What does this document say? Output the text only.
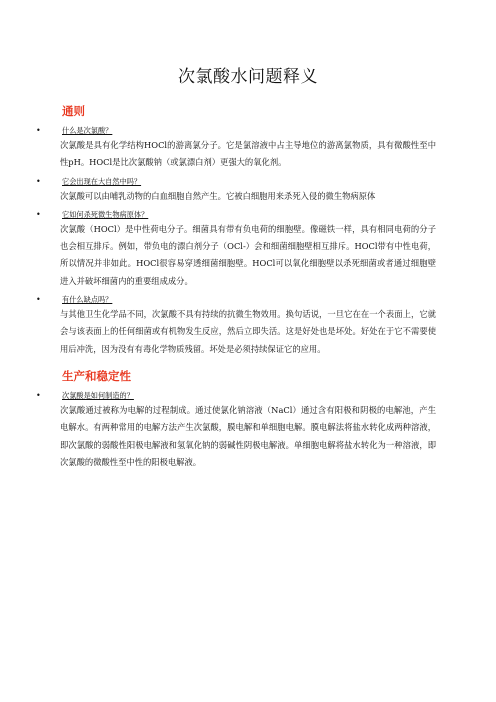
次氯酸水问题释义
通则
•	什么是次氯酸？

次氯酸是具有化学结构HOCl的游离氯分子。它是氯溶液中占主导地位的游离氯物质，具有微酸性至中性pH。HOCl是比次氯酸钠（或氯漂白剂）更强大的氧化剂。

•	它会出现在大自然中吗？

次氯酸可以由哺乳动物的白血细胞自然产生。它被白细胞用来杀死入侵的微生物病原体

•	它如何杀死微生物病原体？

次氯酸（HOCl）是中性荷电分子。细菌具有带有负电荷的细胞壁。像磁铁一样，具有相同电荷的分子也会相互排斥。例如，带负电的漂白剂分子（OCl-）会和细菌细胞壁相互排斥。HOCl带有中性电荷，所以情况并非如此。HOCl很容易穿透细菌细胞壁。HOCl可以氧化细胞壁以杀死细菌或者通过细胞壁进入并破坏细菌内的重要组成成分。

•	有什么缺点吗？

与其他卫生化学品不同，次氯酸不具有持续的抗微生物效用。换句话说，一旦它在在一个表面上，它就会与该表面上的任何细菌或有机物发生反应，然后立即失活。这是好处也是坏处。好处在于它不需要使用后冲洗，因为没有有毒化学物质残留。坏处是必须持续保证它的应用。

生产和稳定性
•	次氯酸是如何制造的？

次氯酸通过被称为电解的过程制成。通过使氯化钠溶液（NaCl）通过含有阳极和阴极的电解池，产生电解水。有两种常用的电解方法产生次氯酸，膜电解和单细胞电解。膜电解法将盐水转化成两种溶液，即次氯酸的弱酸性阳极电解液和氢氧化钠的弱碱性阴极电解液。单细胞电解将盐水转化为一种溶液，即次氯酸的微酸性至中性的阳极电解液。
